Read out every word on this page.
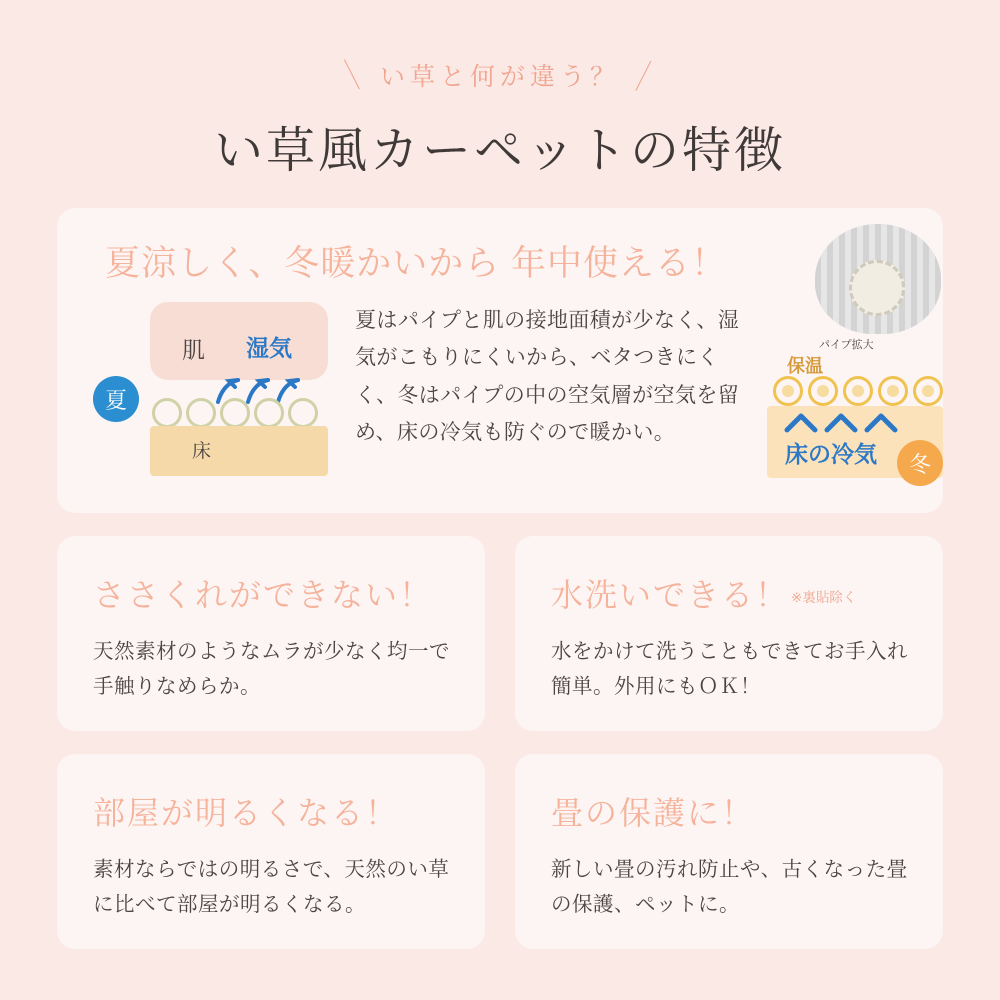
＼ い草と何が違う？ ／
い草風カーペットの特徴
夏涼しく、冬暖かいから 年中使える！
夏はパイプと肌の接地面積が少なく、湿気がこもりにくいから、ベタつきにくく、冬はパイプの中の空気層が空気を留め、床の冷気も防ぐので暖かい。
肌 湿気
床
夏
パイプ拡大
保温
床の冷気	冬
ささくれができない！
天然素材のようなムラが少なく均一で手触りなめらか。
水洗いできる！ ※裏貼除く
水をかけて洗うこともできてお手入れ簡単。外用にもＯＫ！
部屋が明るくなる！
素材ならではの明るさで、天然のい草に比べて部屋が明るくなる。
畳の保護に！
新しい畳の汚れ防止や、古くなった畳の保護、ペットに。
